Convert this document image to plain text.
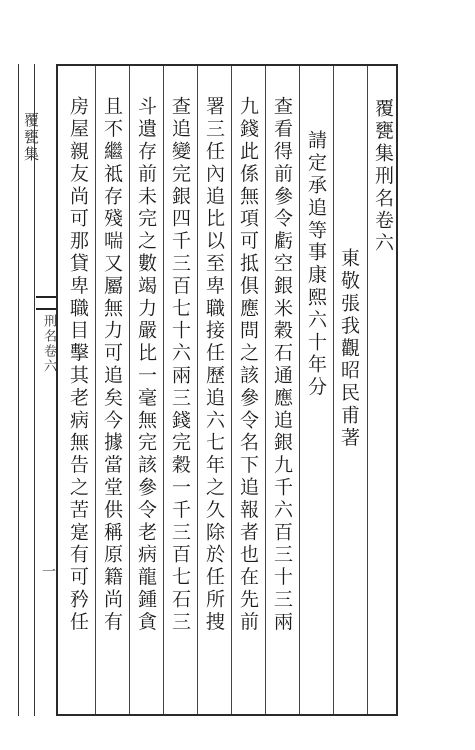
覆甕集
刑名卷六
一
覆甕集刑名卷六
東敬張我觀昭民甫著
請定承追等事康熙六十年分
查看得前參令虧空銀米穀石通應追銀九千六百三十三兩
九錢此係無項可抵俱應問之該參令名下追報者也在先前
署三任內追比以至卑職接任歷追六七年之久除於任所捜
查追變完銀四千三百七十六兩三錢完穀一千三百七石三
斗遺存前未完之數竭力嚴比一毫無完該參令老病龍鍾貪
且不繼祗存殘喘又屬無力可追矣今據當堂供稱原籍尚有
房屋親友尚可那貸卑職目擊其老病無告之苦寔有可矜任
